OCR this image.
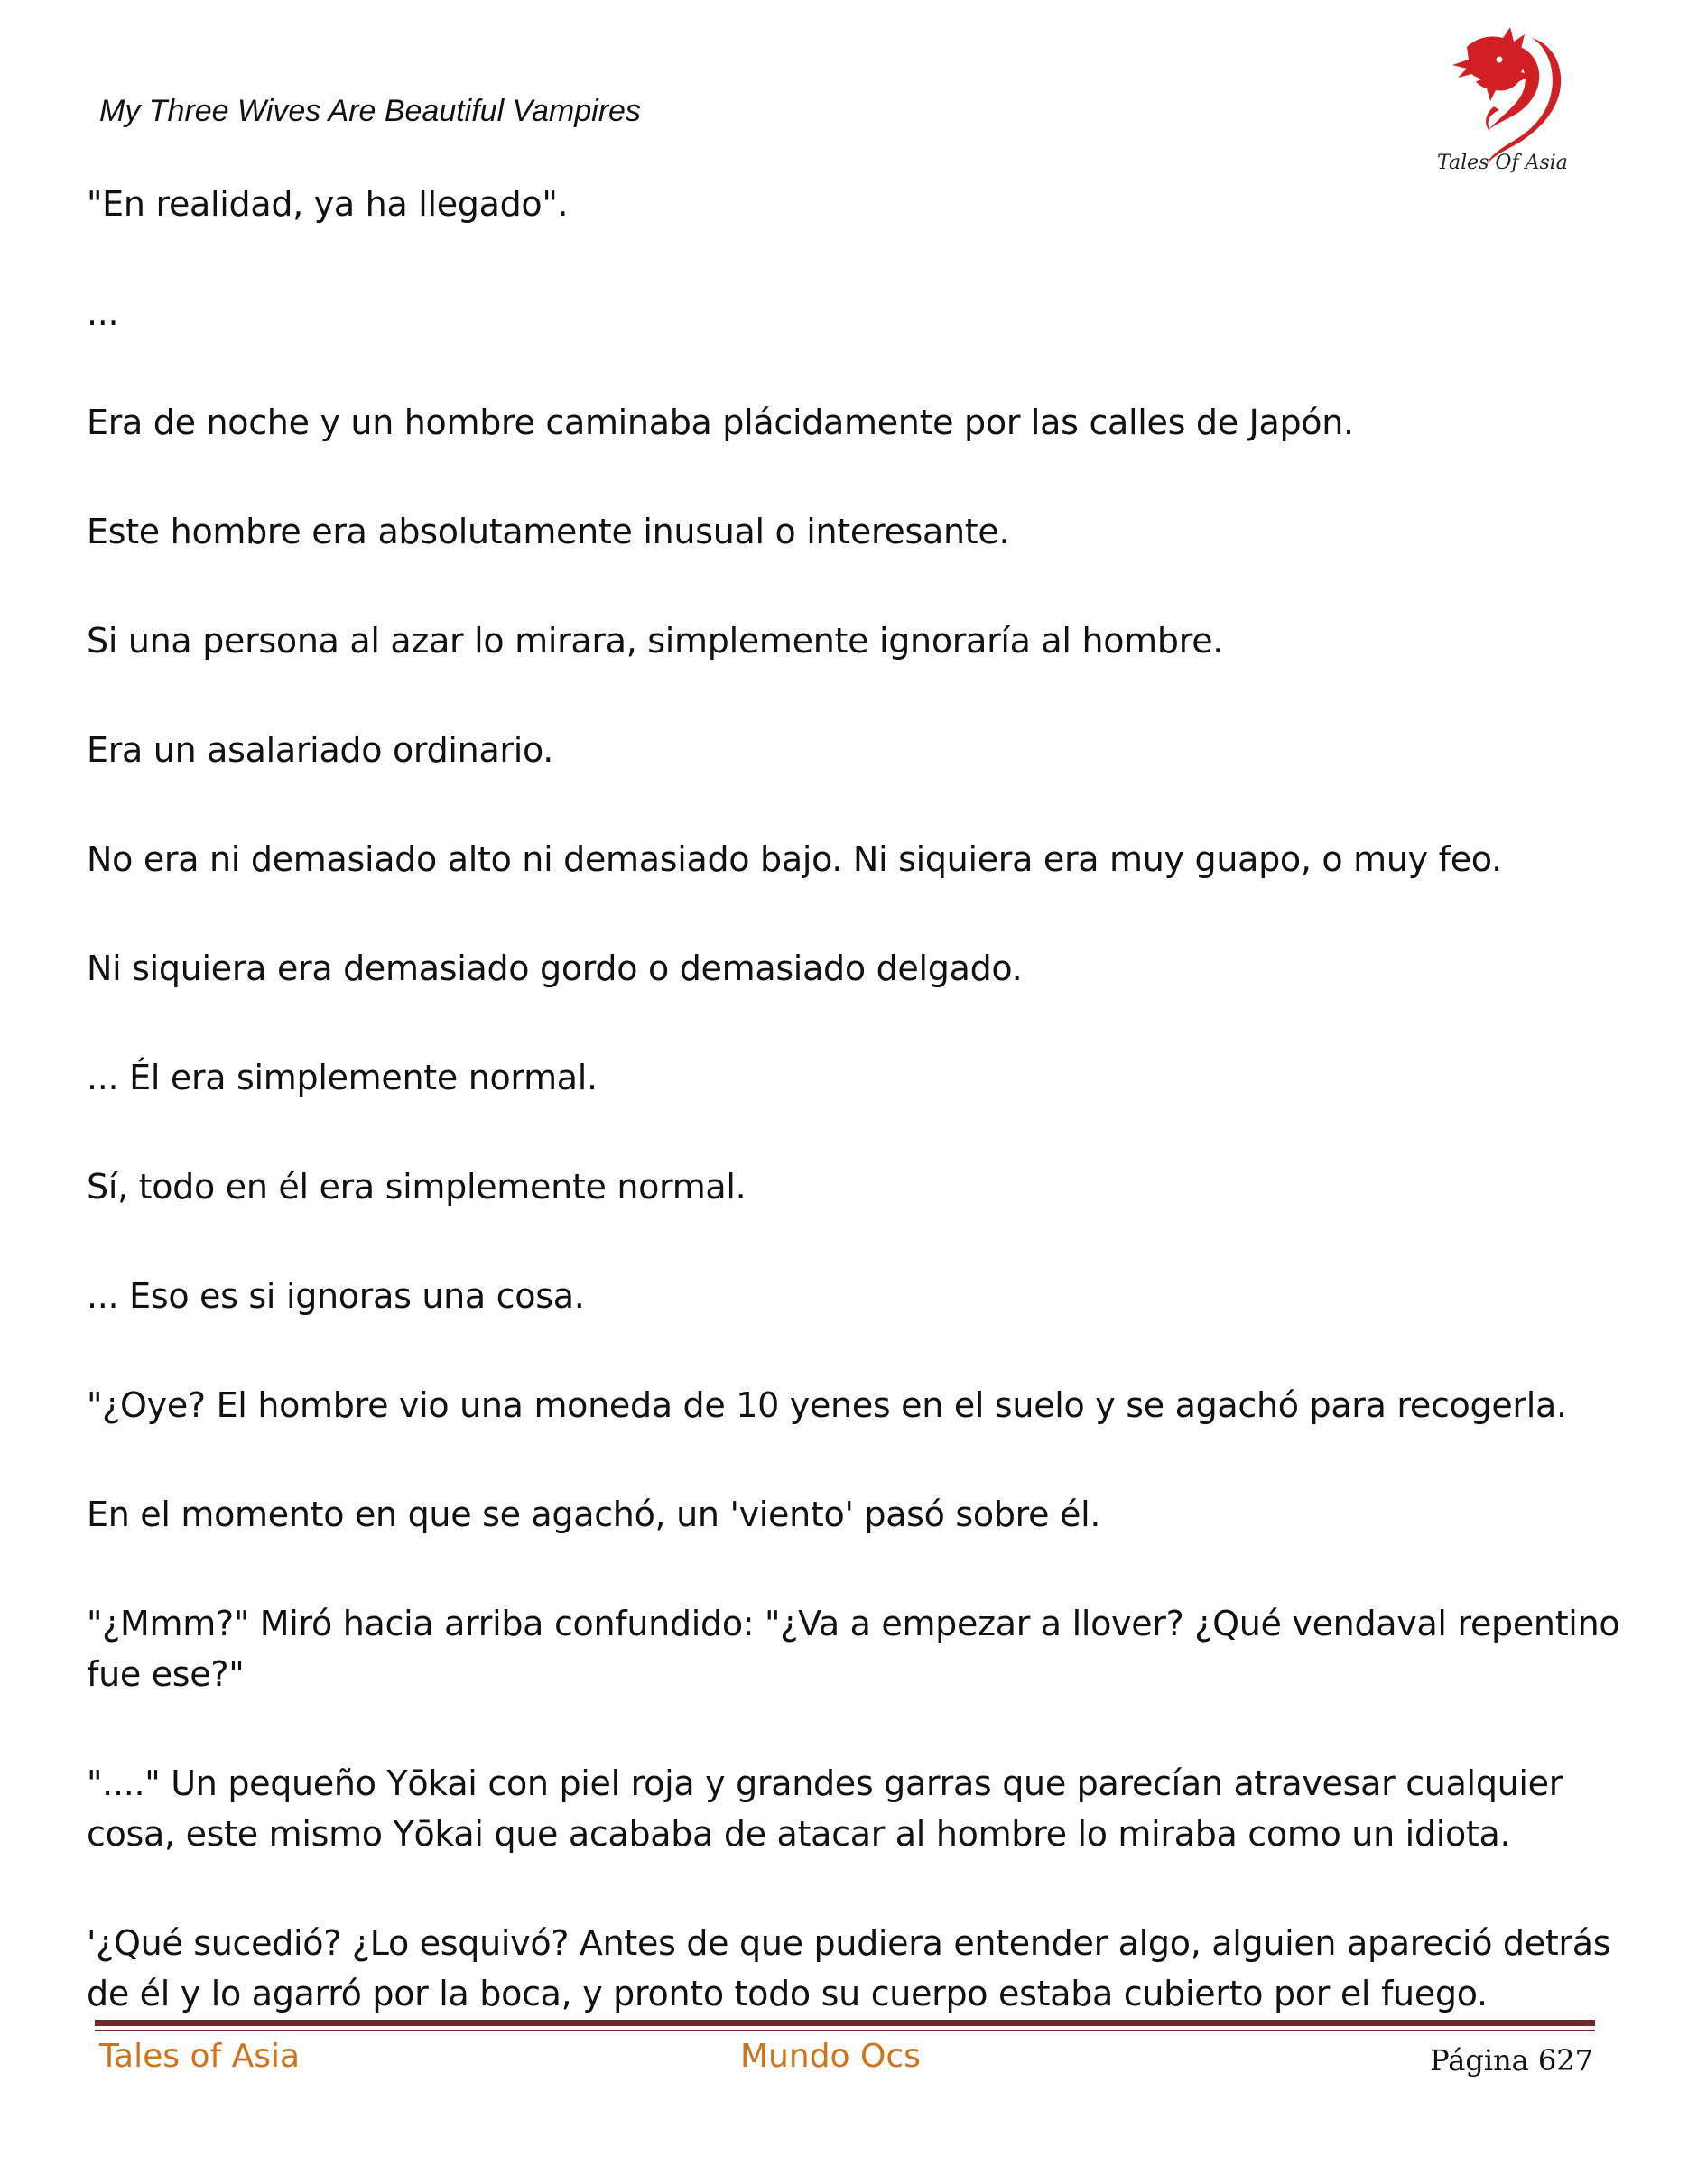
My Three Wives Are Beautiful Vampires
Tales Of Asia

"En realidad, ya ha llegado".

...

Era de noche y un hombre caminaba plácidamente por las calles de Japón.

Este hombre era absolutamente inusual o interesante.

Si una persona al azar lo mirara, simplemente ignoraría al hombre.

Era un asalariado ordinario.

No era ni demasiado alto ni demasiado bajo. Ni siquiera era muy guapo, o muy feo.

Ni siquiera era demasiado gordo o demasiado delgado.

... Él era simplemente normal.

Sí, todo en él era simplemente normal.

... Eso es si ignoras una cosa.

"¿Oye? El hombre vio una moneda de 10 yenes en el suelo y se agachó para recogerla.

En el momento en que se agachó, un 'viento' pasó sobre él.

"¿Mmm?" Miró hacia arriba confundido: "¿Va a empezar a llover? ¿Qué vendaval repentino fue ese?"

"...." Un pequeño Yōkai con piel roja y grandes garras que parecían atravesar cualquier cosa, este mismo Yōkai que acababa de atacar al hombre lo miraba como un idiota.

'¿Qué sucedió? ¿Lo esquivó? Antes de que pudiera entender algo, alguien apareció detrás de él y lo agarró por la boca, y pronto todo su cuerpo estaba cubierto por el fuego.

Tales of Asia	Mundo Ocs	Página 627
